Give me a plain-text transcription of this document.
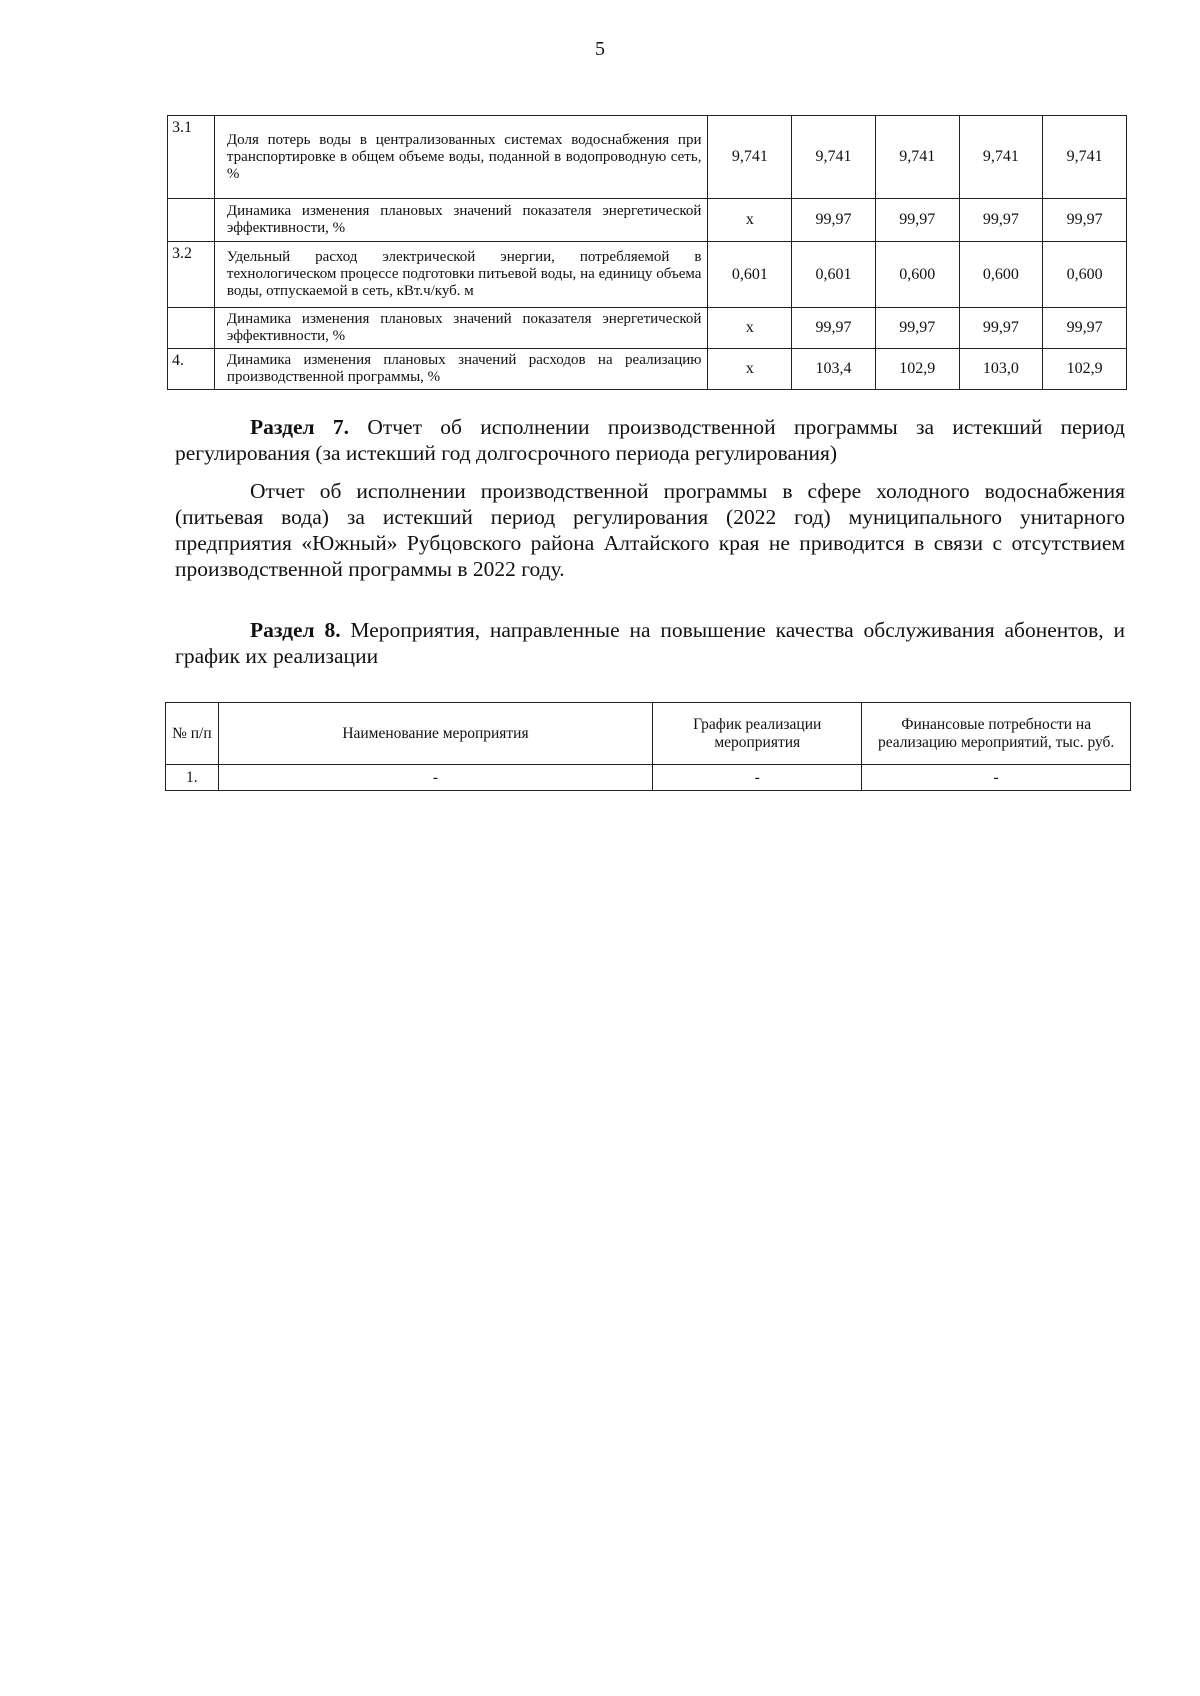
5
3.1	Доля потерь воды в централизованных системах водоснабжения при транспортировке в общем объеме воды, поданной в водопроводную сеть, %	9,741	9,741	9,741	9,741	9,741
	Динамика изменения плановых значений показателя энергетической эффективности, %	х	99,97	99,97	99,97	99,97
3.2	Удельный расход электрической энергии, потребляемой в технологическом процессе подготовки питьевой воды, на единицу объема воды, отпускаемой в сеть, кВт.ч/куб. м	0,601	0,601	0,600	0,600	0,600
	Динамика изменения плановых значений показателя энергетической эффективности, %	х	99,97	99,97	99,97	99,97
4.	Динамика изменения плановых значений расходов на реализацию производственной программы, %	х	103,4	102,9	103,0	102,9
Раздел 7. Отчет об исполнении производственной программы за истекший период регулирования (за истекший год долгосрочного периода регулирования)
Отчет об исполнении производственной программы в сфере холодного водоснабжения (питьевая вода) за истекший период регулирования (2022 год) муниципального унитарного предприятия «Южный» Рубцовского района Алтайского края не приводится в связи с отсутствием производственной программы в 2022 году.
Раздел 8. Мероприятия, направленные на повышение качества обслуживания абонентов, и график их реализации
№ п/п	Наименование мероприятия	График реализации мероприятия	Финансовые потребности на реализацию мероприятий, тыс. руб.
1.	-	-	-
